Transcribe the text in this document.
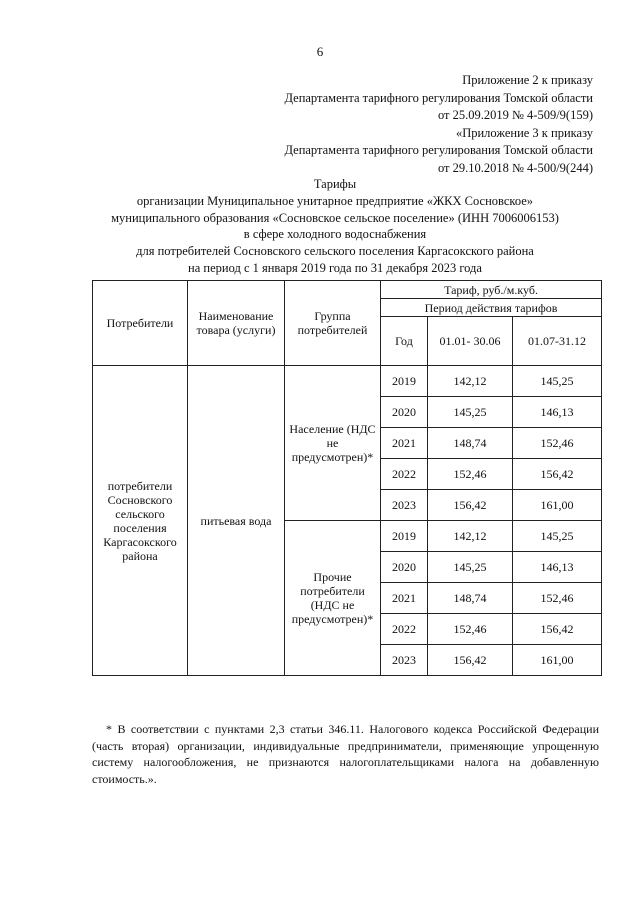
6
Приложение 2 к приказу
Департамента тарифного регулирования Томской области
от 25.09.2019 № 4-509/9(159)
«Приложение 3 к приказу
Департамента тарифного регулирования Томской области
от 29.10.2018 № 4-500/9(244)
Тарифы
организации Муниципальное унитарное предприятие «ЖКХ Сосновское»
муниципального образования «Сосновское сельское поселение» (ИНН 7006006153)
в сфере холодного водоснабжения
для потребителей Сосновского сельского поселения Каргасокского района
на период с 1 января 2019 года по 31 декабря 2023 года
Потребители	Наименование товара (услуги)	Группа потребителей	Тариф, руб./м.куб.		
			Период действия тарифов		
			Год	01.01- 30.06	01.07-31.12
потребители Сосновского сельского поселения Каргасокского района	питьевая вода	Население (НДС не предусмотрен)*	2019	142,12	145,25
			2020	145,25	146,13
			2021	148,74	152,46
			2022	152,46	156,42
			2023	156,42	161,00
		Прочие потребители (НДС не предусмотрен)*	2019	142,12	145,25
			2020	145,25	146,13
			2021	148,74	152,46
			2022	152,46	156,42
			2023	156,42	161,00
* В соответствии с пунктами 2,3 статьи 346.11. Налогового кодекса Российской Федерации (часть вторая) организации, индивидуальные предприниматели, применяющие упрощенную систему налогообложения, не признаются налогоплательщиками налога на добавленную стоимость.».
